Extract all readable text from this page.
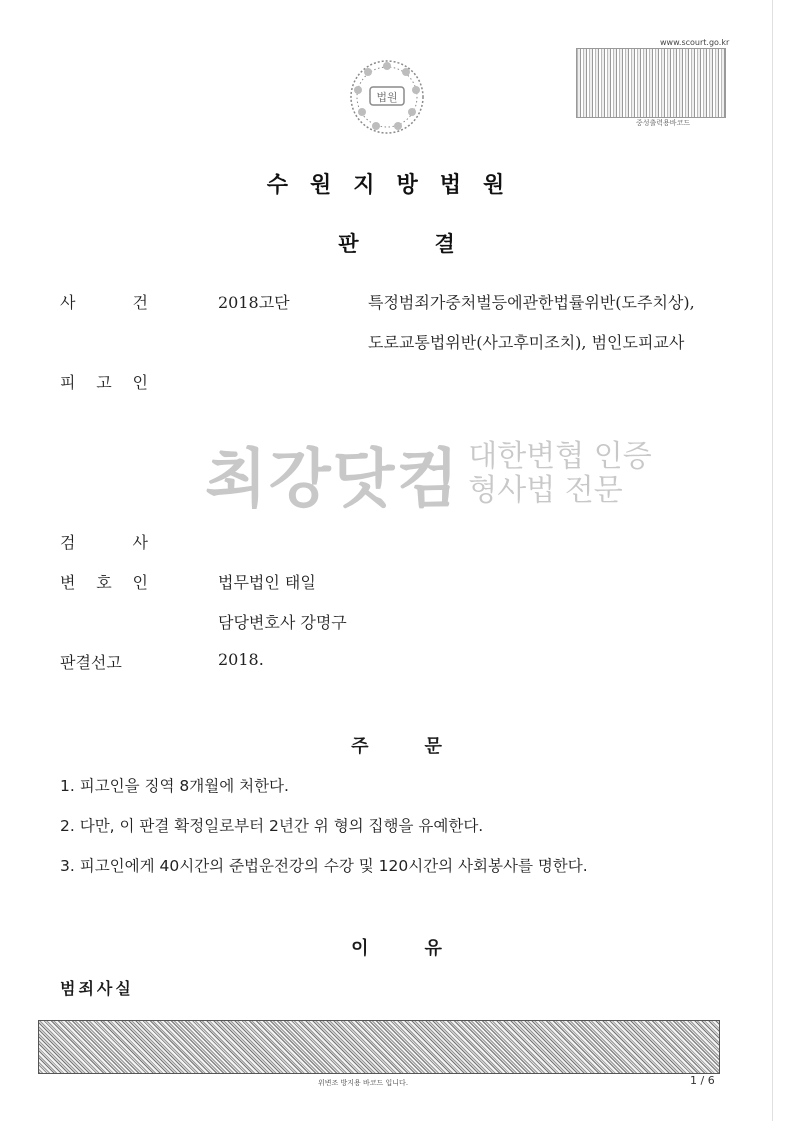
법원
www.scourt.go.kr
중성출력용바코드
수원지방법원
판	결
사 건	2018고단	특정범죄가중처벌등에관한법률위반(도주치상),
도로교통법위반(사고후미조치), 범인도피교사
피 고 인
최강닷컴 대한변협 인증
형사법 전문
검 사
변 호 인	법무법인 태일
담당변호사 강명구
판결선고	2018.
주	문
1. 피고인을 징역 8개월에 처한다.
2. 다만, 이 판결 확정일로부터 2년간 위 형의 집행을 유예한다.
3. 피고인에게 40시간의 준법운전강의 수강 및 120시간의 사회봉사를 명한다.
이	유
범죄사실
위변조 방지용 바코드 입니다.	1 / 6
